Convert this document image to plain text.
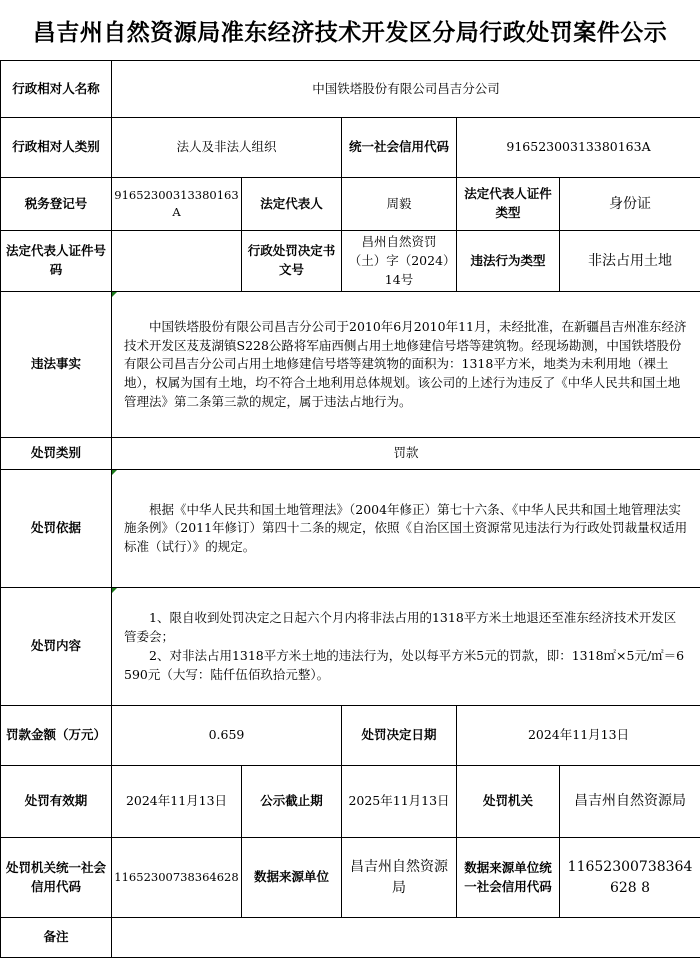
昌吉州自然资源局准东经济技术开发区分局行政处罚案件公示
行政相对人名称	中国铁塔股份有限公司昌吉分公司				
行政相对人类别	法人及非法人组织		统一社会信用代码	91652300313380163A	
税务登记号	91652300313380163A	法定代表人	周毅	法定代表人证件类型	身份证
法定代表人证件号码		行政处罚决定书文号	昌州自然资罚（土）字（2024）14号	违法行为类型	非法占用土地
违法事实	中国铁塔股份有限公司昌吉分公司于2010年6月2010年11月，未经批准，在新疆昌吉州准东经济技术开发区芨芨湖镇S228公路将军庙西侧占用土地修建信号塔等建筑物。经现场勘测，中国铁塔股份有限公司昌吉分公司占用土地修建信号塔等建筑物的面积为：1318平方米，地类为未利用地（裸土地），权属为国有土地，均不符合土地利用总体规划。该公司的上述行为违反了《中华人民共和国土地管理法》第二条第三款的规定，属于违法占地行为。				

处罚类别	罚款				
处罚依据	根据《中华人民共和国土地管理法》（2004年修正）第七十六条、《中华人民共和国土地管理法实施条例》（2011年修订）第四十二条的规定，依照《自治区国土资源常见违法行为行政处罚裁量权适用标准（试行）》的规定。				

处罚内容	1、限自收到处罚决定之日起六个月内将非法占用的1318平方米土地退还至准东经济技术开发区管委会；

2、对非法占用1318平方米土地的违法行为，处以每平方米5元的罚款，即：1318㎡×5元/㎡＝6590元（大写：陆仟伍佰玖拾元整）。				

罚款金额（万元）	0.659		处罚决定日期	2024年11月13日	
处罚有效期	2024年11月13日	公示截止期	2025年11月13日	处罚机关	昌吉州自然资源局
处罚机关统一社会信用代码	11652300738364628	数据来源单位	昌吉州自然资源局	数据来源单位统一社会信用代码	11652300738364628 8
备注					
